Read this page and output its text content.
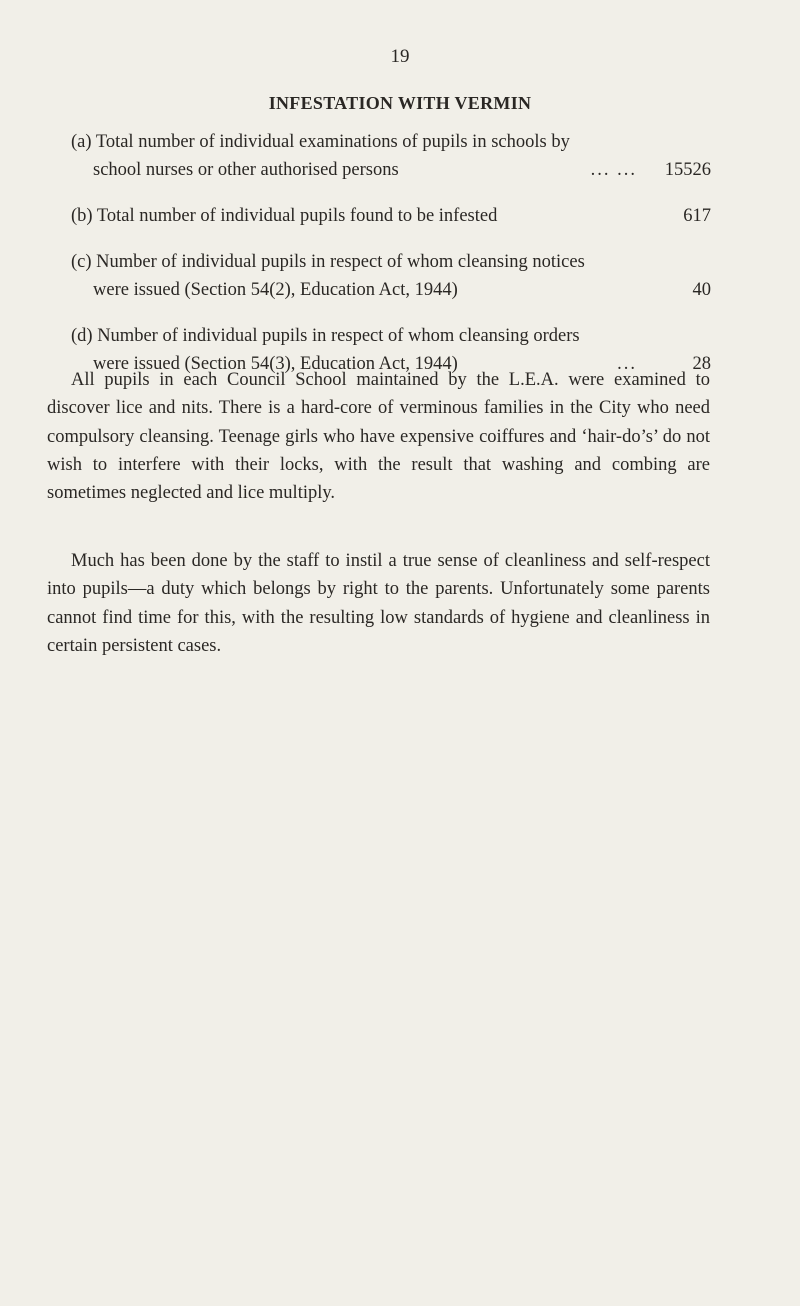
19
INFESTATION WITH VERMIN
(a) Total number of individual examinations of pupils in schools by school nurses or other authorised persons	... ...	15526
(b) Total number of individual pupils found to be infested	617
(c) Number of individual pupils in respect of whom cleansing notices were issued (Section 54(2), Education Act, 1944)	40
(d) Number of individual pupils in respect of whom cleansing orders were issued (Section 54(3), Education Act, 1944)	...	28

All pupils in each Council School maintained by the L.E.A. were examined to discover lice and nits. There is a hard-core of verminous families in the City who need compulsory cleansing. Teenage girls who have expensive coiffures and ‘hair-do’s’ do not wish to interfere with their locks, with the result that washing and combing are sometimes neglected and lice multiply.

Much has been done by the staff to instil a true sense of cleanliness and self-respect into pupils—a duty which belongs by right to the parents. Unfortunately some parents cannot find time for this, with the resulting low standards of hygiene and cleanliness in certain persistent cases.
